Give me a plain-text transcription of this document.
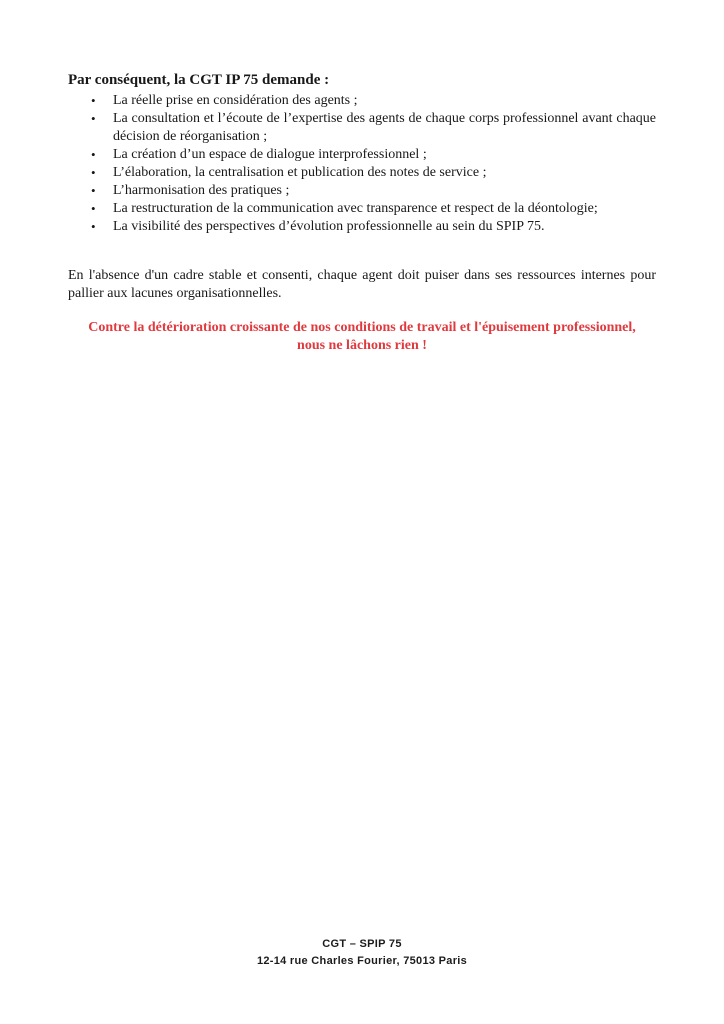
Par conséquent, la CGT IP 75 demande :

• La réelle prise en considération des agents ;
• La consultation et l’écoute de l’expertise des agents de chaque corps professionnel avant chaque décision de réorganisation ;
• La création d’un espace de dialogue interprofessionnel ;
• L’élaboration, la centralisation et publication des notes de service ;
• L’harmonisation des pratiques ;
• La restructuration de la communication avec transparence et respect de la déontologie;
• La visibilité des perspectives d’évolution professionnelle au sein du SPIP 75.

En l'absence d'un cadre stable et consenti, chaque agent doit puiser dans ses ressources internes pour pallier aux lacunes organisationnelles.

Contre la détérioration croissante de nos conditions de travail et l'épuisement professionnel,
nous ne lâchons rien !

CGT – SPIP 75
12-14 rue Charles Fourier, 75013 Paris
